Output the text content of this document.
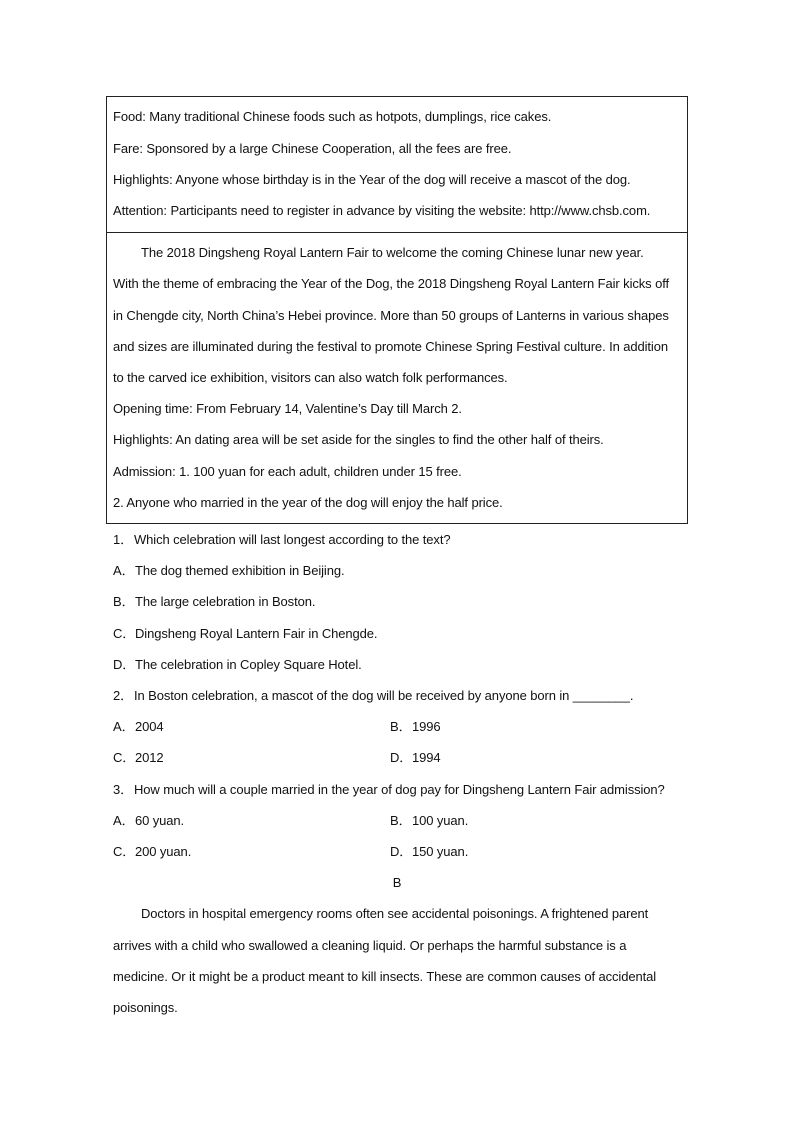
Food: Many traditional Chinese foods such as hotpots, dumplings, rice cakes.
Fare: Sponsored by a large Chinese Cooperation, all the fees are free.
Highlights: Anyone whose birthday is in the Year of the dog will receive a mascot of the dog.
Attention: Participants need to register in advance by visiting the website: http://www.chsb.com.
The 2018 Dingsheng Royal Lantern Fair to welcome the coming Chinese lunar new year.
With the theme of embracing the Year of the Dog, the 2018 Dingsheng Royal Lantern Fair kicks off
in Chengde city, North China’s Hebei province. More than 50 groups of Lanterns in various shapes
and sizes are illuminated during the festival to promote Chinese Spring Festival culture. In addition
to the carved ice exhibition, visitors can also watch folk performances.
Opening time: From February 14, Valentine’s Day till March 2.
Highlights: An dating area will be set aside for the singles to find the other half of theirs.
Admission: 1. 100 yuan for each adult, children under 15 free.
2. Anyone who married in the year of the dog will enjoy the half price.
1．Which celebration will last longest according to the text?
A．The dog themed exhibition in Beijing.
B．The large celebration in Boston.
C．Dingsheng Royal Lantern Fair in Chengde.
D．The celebration in Copley Square Hotel.
2．In Boston celebration, a mascot of the dog will be received by anyone born in ________.
A．2004	B．1996
C．2012	D．1994
3．How much will a couple married in the year of dog pay for Dingsheng Lantern Fair admission?
A．60 yuan.	B．100 yuan.
C．200 yuan.	D．150 yuan.
B
Doctors in hospital emergency rooms often see accidental poisonings. A frightened parent
arrives with a child who swallowed a cleaning liquid. Or perhaps the harmful substance is a
medicine. Or it might be a product meant to kill insects. These are common causes of accidental
poisonings.
